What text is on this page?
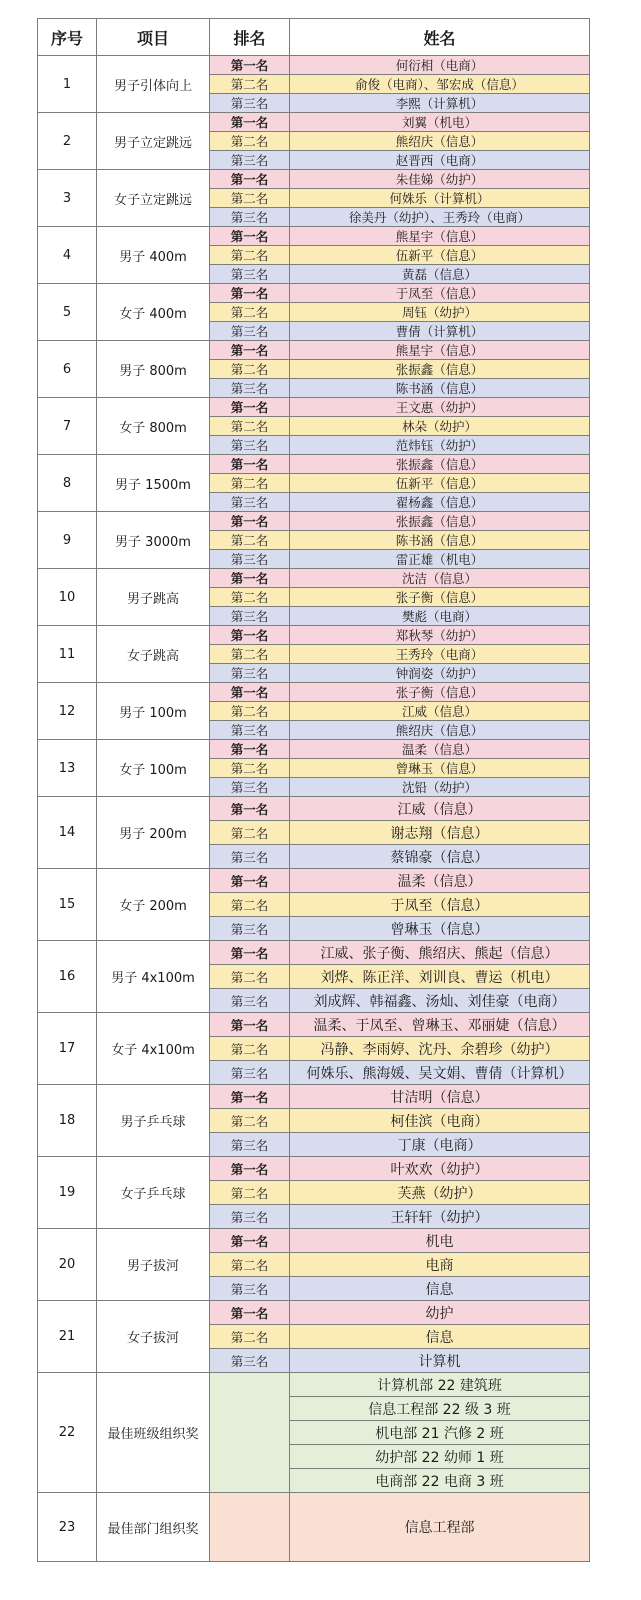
序号	项目	排名	姓名
1	男子引体向上	第一名	何衍相（电商）
		第二名	俞俊（电商）、邹宏成（信息）
		第三名	李熙（计算机）
2	男子立定跳远	第一名	刘翼（机电）
		第二名	熊绍庆（信息）
		第三名	赵晋西（电商）
3	女子立定跳远	第一名	朱佳娣（幼护）
		第二名	何姝乐（计算机）
		第三名	徐美丹（幼护）、王秀玲（电商）
4	男子 400m	第一名	熊星宇（信息）
		第二名	伍新平（信息）
		第三名	黄磊（信息）
5	女子 400m	第一名	于凤至（信息）
		第二名	周钰（幼护）
		第三名	曹倩（计算机）
6	男子 800m	第一名	熊星宇（信息）
		第二名	张振鑫（信息）
		第三名	陈书涵（信息）
7	女子 800m	第一名	王文惠（幼护）
		第二名	林朵（幼护）
		第三名	范炜钰（幼护）
8	男子 1500m	第一名	张振鑫（信息）
		第二名	伍新平（信息）
		第三名	翟杨鑫（信息）
9	男子 3000m	第一名	张振鑫（信息）
		第二名	陈书涵（信息）
		第三名	雷正雄（机电）
10	男子跳高	第一名	沈洁（信息）
		第二名	张子衡（信息）
		第三名	樊彪（电商）
11	女子跳高	第一名	郑秋琴（幼护）
		第二名	王秀玲（电商）
		第三名	钟润姿（幼护）
12	男子 100m	第一名	张子衡（信息）
		第二名	江威（信息）
		第三名	熊绍庆（信息）
13	女子 100m	第一名	温柔（信息）
		第二名	曾琳玉（信息）
		第三名	沈铅（幼护）
14	男子 200m	第一名	江威（信息）
		第二名	谢志翔（信息）
		第三名	蔡锦豪（信息）
15	女子 200m	第一名	温柔（信息）
		第二名	于凤至（信息）
		第三名	曾琳玉（信息）
16	男子 4x100m	第一名	江威、张子衡、熊绍庆、熊起（信息）
		第二名	刘烨、陈正洋、刘训良、曹运（机电）
		第三名	刘成辉、韩福鑫、汤灿、刘佳豪（电商）
17	女子 4x100m	第一名	温柔、于凤至、曾琳玉、邓丽婕（信息）
		第二名	冯静、李雨婷、沈丹、余碧珍（幼护）
		第三名	何姝乐、熊海媛、吴文娟、曹倩（计算机）
18	男子乒乓球	第一名	甘洁明（信息）
		第二名	柯佳滨（电商）
		第三名	丁康（电商）
19	女子乒乓球	第一名	叶欢欢（幼护）
		第二名	芙燕（幼护）
		第三名	王轩轩（幼护）
20	男子拔河	第一名	机电
		第二名	电商
		第三名	信息
21	女子拔河	第一名	幼护
		第二名	信息
		第三名	计算机
22	最佳班级组织奖		计算机部 22 建筑班
			信息工程部 22 级 3 班
			机电部 21 汽修 2 班
			幼护部 22 幼师 1 班
			电商部 22 电商 3 班
23	最佳部门组织奖		信息工程部
